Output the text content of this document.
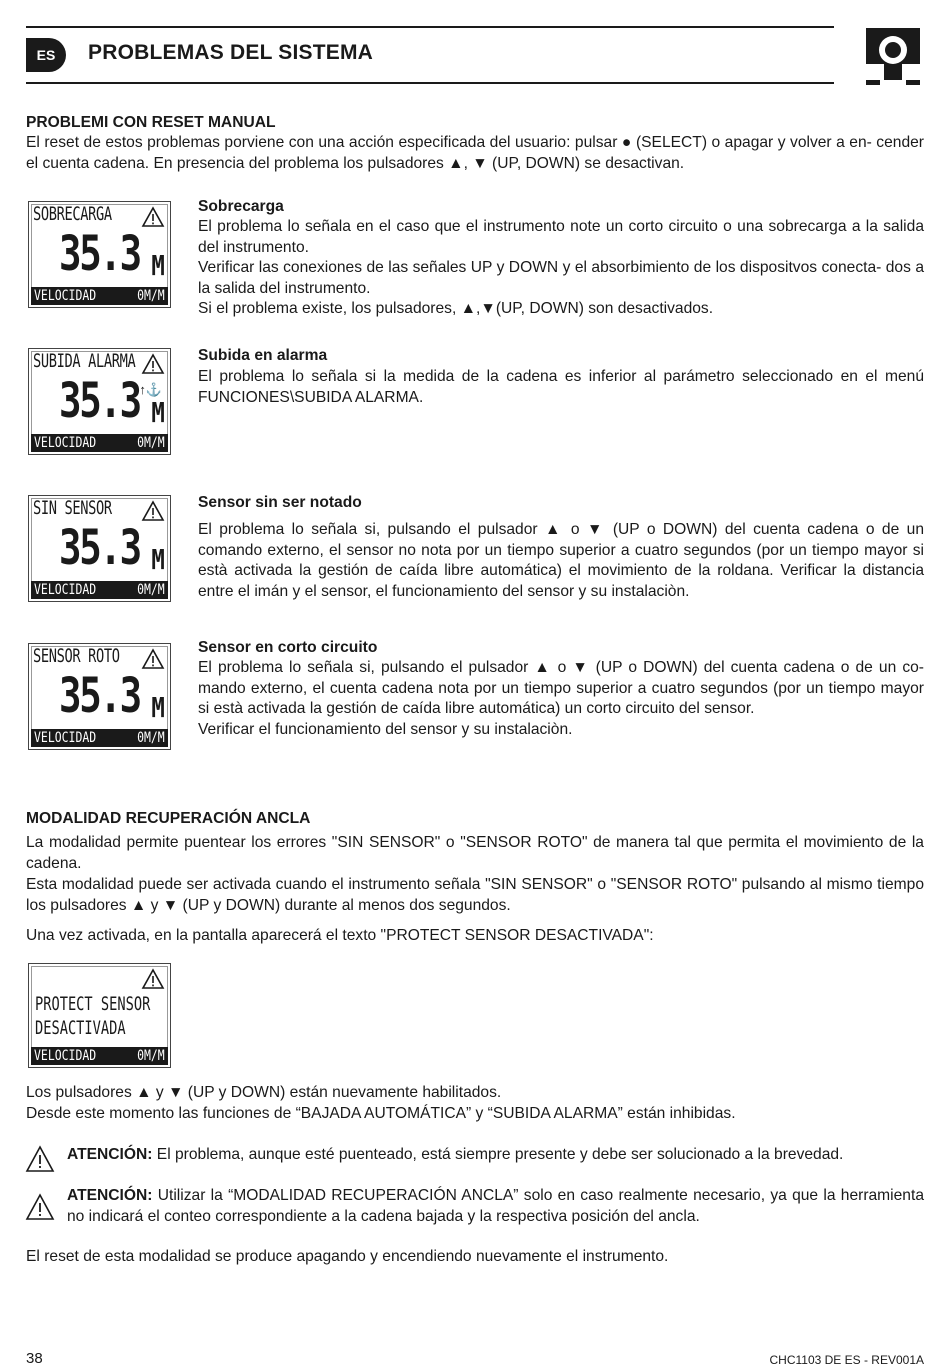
ES	PROBLEMAS DEL SISTEMA
PROBLEMI CON RESET MANUAL
El reset de estos problemas porviene con una acción especificada del usuario: pulsar ● (SELECT) o apagar y volver a en- cender el cuenta cadena. En presencia del problema los pulsadores ▲, ▼ (UP, DOWN) se desactivan.
SOBRECARGA
35.3 M
VELOCIDAD	0M/M
Sobrecarga
El problema lo señala en el caso que el instrumento note un corto circuito o una sobrecarga a la salida del instrumento.
Verificar las conexiones de las señales UP y DOWN y el absorbimiento de los dispositvos conecta- dos a la salida del instrumento.
Si el problema existe, los pulsadores, ▲,▼(UP, DOWN) son desactivados.
SUBIDA ALARMA
↑⚓
35.3 M
VELOCIDAD	0M/M
Subida en alarma
El problema lo señala si la medida de la cadena es inferior al parámetro seleccionado en el menú FUNCIONES\SUBIDA ALARMA.
SIN SENSOR
35.3 M
VELOCIDAD	0M/M
Sensor sin ser notado
El problema lo señala si, pulsando el pulsador ▲ o ▼ (UP o DOWN) del cuenta cadena o de un comando externo, el sensor no nota por un tiempo superior a cuatro segundos (por un tiempo mayor si està activada la gestión de caída libre automática) el movimiento de la roldana. Verificar la distancia entre el imán y el sensor, el funcionamiento del sensor y su instalaciòn.
SENSOR ROTO
35.3 M
VELOCIDAD	0M/M
Sensor en corto circuito
El problema lo señala si, pulsando el pulsador ▲ o ▼ (UP o DOWN) del cuenta cadena o de un co- mando externo, el cuenta cadena nota por un tiempo superior a cuatro segundos (por un tiempo mayor si està activada la gestión de caída libre automática) un corto circuito del sensor.
Verificar el funcionamiento del sensor y su instalaciòn.
MODALIDAD RECUPERACIÓN ANCLA
La modalidad permite puentear los errores "SIN SENSOR" o "SENSOR ROTO" de manera tal que permita el movimiento de la cadena.
Esta modalidad puede ser activada cuando el instrumento señala "SIN SENSOR" o "SENSOR ROTO" pulsando al mismo tiempo los pulsadores ▲ y ▼ (UP y DOWN) durante al menos dos segundos.
Una vez activada, en la pantalla aparecerá el texto "PROTECT SENSOR DESACTIVADA":
PROTECT SENSOR
DESACTIVADA
VELOCIDAD	0M/M
Los pulsadores ▲ y ▼ (UP y DOWN) están nuevamente habilitados.
Desde este momento las funciones de “BAJADA AUTOMÁTICA” y “SUBIDA ALARMA” están inhibidas.
ATENCIÓN: El problema, aunque esté puenteado, está siempre presente y debe ser solucionado a la brevedad.
ATENCIÓN: Utilizar la “MODALIDAD RECUPERACIÓN ANCLA” solo en caso realmente necesario, ya que la herramienta no indicará el conteo correspondiente a la cadena bajada y la respectiva posición del ancla.
El reset de esta modalidad se produce apagando y encendiendo nuevamente el instrumento.
38	CHC1103 DE ES - REV001A
